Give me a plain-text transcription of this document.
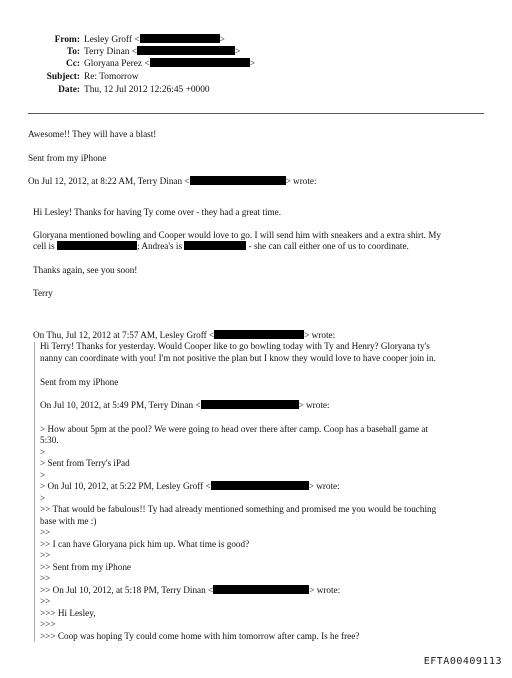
From: Lesley Groff <	>
To: Terry Dinan <	>
Cc: Gloryana Perez <	>
Subject: Re: Tomorrow
Date: Thu, 12 Jul 2012 12:26:45 +0000
Awesome!! They will have a blast!
Sent from my iPhone
On Jul 12, 2012, at 8:22 AM, Terry Dinan <	> wrote:
Hi Lesley! Thanks for having Ty come over - they had a great time.
Gloryana mentioned bowling and Cooper would love to go. I will send him with sneakers and a extra shirt. My
cell is	; Andrea's is	- she can call either one of us to coordinate.
Thanks again, see you soon!
Terry
On Thu, Jul 12, 2012 at 7:57 AM, Lesley Groff <	> wrote:
Hi Terry! Thanks for yesterday. Would Cooper like to go bowling today with Ty and Henry? Gloryana ty's
nanny can coordinate with you! I'm not positive the plan but I know they would love to have cooper join in.
Sent from my iPhone
On Jul 10, 2012, at 5:49 PM, Terry Dinan <	> wrote:
> How about 5pm at the pool? We were going to head over there after camp. Coop has a baseball game at
5:30.
>
> Sent from Terry's iPad
>
> On Jul 10, 2012, at 5:22 PM, Lesley Groff <	> wrote:
>
>> That would be fabulous!! Ty had already mentioned something and promised me you would be touching
base with me :)
>>
>> I can have Gloryana pick him up. What time is good?
>>
>> Sent from my iPhone
>>
>> On Jul 10, 2012, at 5:18 PM, Terry Dinan <	> wrote:
>>
>>> Hi Lesley,
>>>
>>> Coop was hoping Ty could come home with him tomorrow after camp. Is he free?
EFTA00409113
